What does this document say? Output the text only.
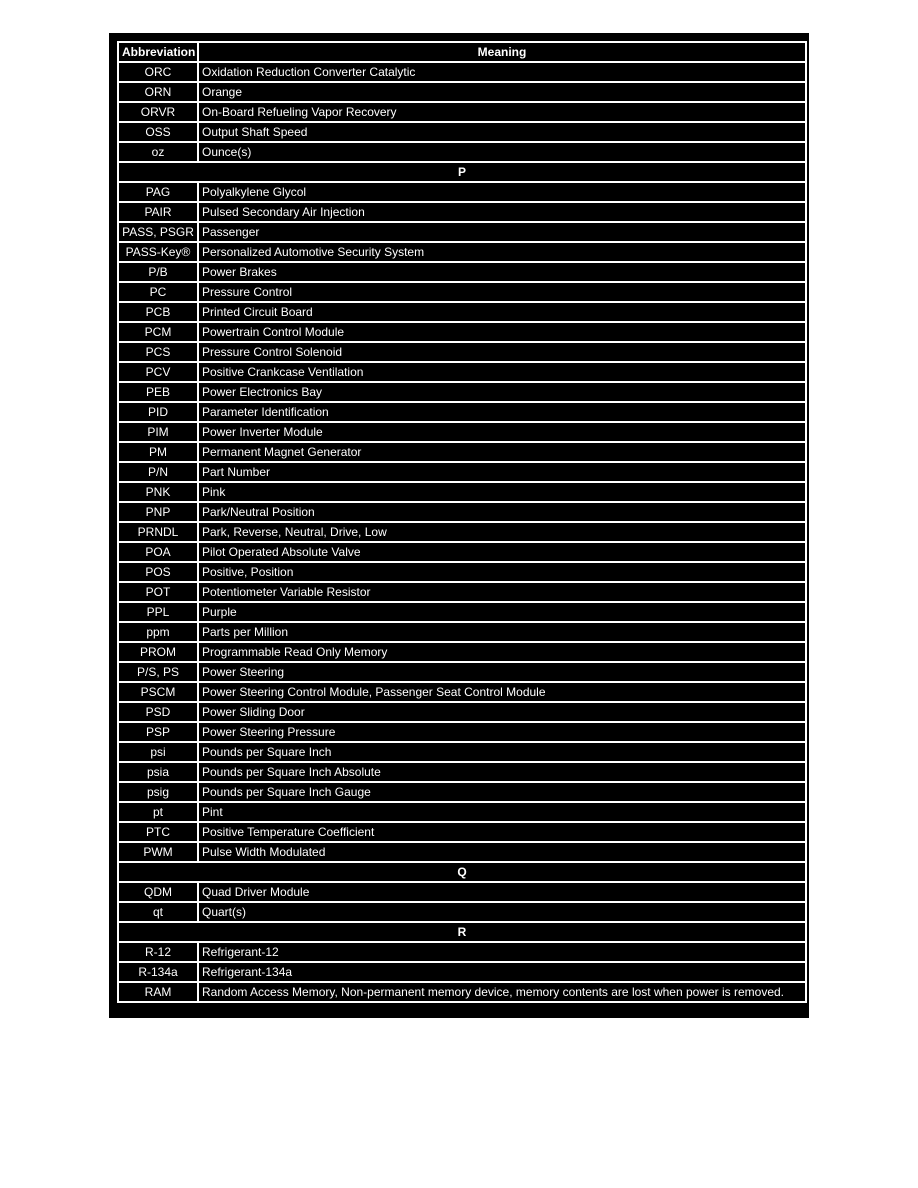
Abbreviation	Meaning
ORC	Oxidation Reduction Converter Catalytic
ORN	Orange
ORVR	On-Board Refueling Vapor Recovery
OSS	Output Shaft Speed
oz	Ounce(s)
P	
PAG	Polyalkylene Glycol
PAIR	Pulsed Secondary Air Injection
PASS, PSGR	Passenger
PASS-Key®	Personalized Automotive Security System
P/B	Power Brakes
PC	Pressure Control
PCB	Printed Circuit Board
PCM	Powertrain Control Module
PCS	Pressure Control Solenoid
PCV	Positive Crankcase Ventilation
PEB	Power Electronics Bay
PID	Parameter Identification
PIM	Power Inverter Module
PM	Permanent Magnet Generator
P/N	Part Number
PNK	Pink
PNP	Park/Neutral Position
PRNDL	Park, Reverse, Neutral, Drive, Low
POA	Pilot Operated Absolute Valve
POS	Positive, Position
POT	Potentiometer Variable Resistor
PPL	Purple
ppm	Parts per Million
PROM	Programmable Read Only Memory
P/S, PS	Power Steering
PSCM	Power Steering Control Module, Passenger Seat Control Module
PSD	Power Sliding Door
PSP	Power Steering Pressure
psi	Pounds per Square Inch
psia	Pounds per Square Inch Absolute
psig	Pounds per Square Inch Gauge
pt	Pint
PTC	Positive Temperature Coefficient
PWM	Pulse Width Modulated
Q	
QDM	Quad Driver Module
qt	Quart(s)
R	
R-12	Refrigerant-12
R-134a	Refrigerant-134a
RAM	Random Access Memory, Non-permanent memory device, memory contents are lost when power is removed.
